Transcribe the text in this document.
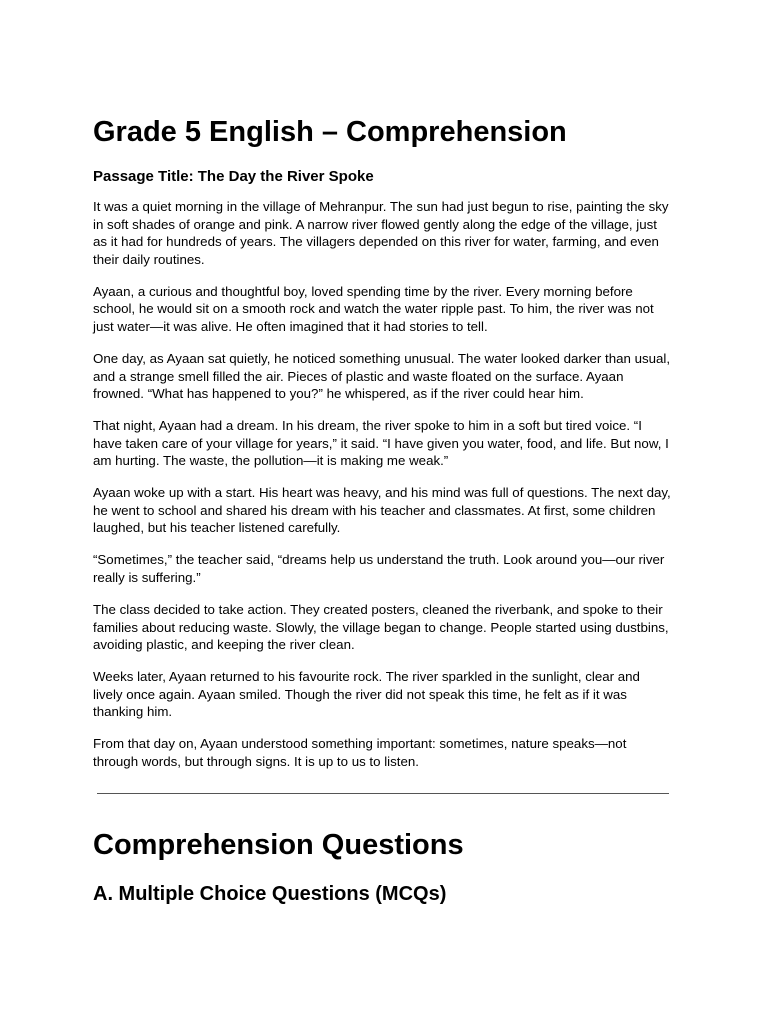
Grade 5 English – Comprehension
Passage Title: The Day the River Spoke

It was a quiet morning in the village of Mehranpur. The sun had just begun to rise, painting the sky in soft shades of orange and pink. A narrow river flowed gently along the edge of the village, just as it had for hundreds of years. The villagers depended on this river for water, farming, and even their daily routines.

Ayaan, a curious and thoughtful boy, loved spending time by the river. Every morning before school, he would sit on a smooth rock and watch the water ripple past. To him, the river was not just water—it was alive. He often imagined that it had stories to tell.

One day, as Ayaan sat quietly, he noticed something unusual. The water looked darker than usual, and a strange smell filled the air. Pieces of plastic and waste floated on the surface. Ayaan frowned. “What has happened to you?” he whispered, as if the river could hear him.

That night, Ayaan had a dream. In his dream, the river spoke to him in a soft but tired voice. “I have taken care of your village for years,” it said. “I have given you water, food, and life. But now, I am hurting. The waste, the pollution—it is making me weak.”

Ayaan woke up with a start. His heart was heavy, and his mind was full of questions. The next day, he went to school and shared his dream with his teacher and classmates. At first, some children laughed, but his teacher listened carefully.

“Sometimes,” the teacher said, “dreams help us understand the truth. Look around you—our river really is suffering.”

The class decided to take action. They created posters, cleaned the riverbank, and spoke to their families about reducing waste. Slowly, the village began to change. People started using dustbins, avoiding plastic, and keeping the river clean.

Weeks later, Ayaan returned to his favourite rock. The river sparkled in the sunlight, clear and lively once again. Ayaan smiled. Though the river did not speak this time, he felt as if it was thanking him.

From that day on, Ayaan understood something important: sometimes, nature speaks—not through words, but through signs. It is up to us to listen.

Comprehension Questions
A. Multiple Choice Questions (MCQs)
